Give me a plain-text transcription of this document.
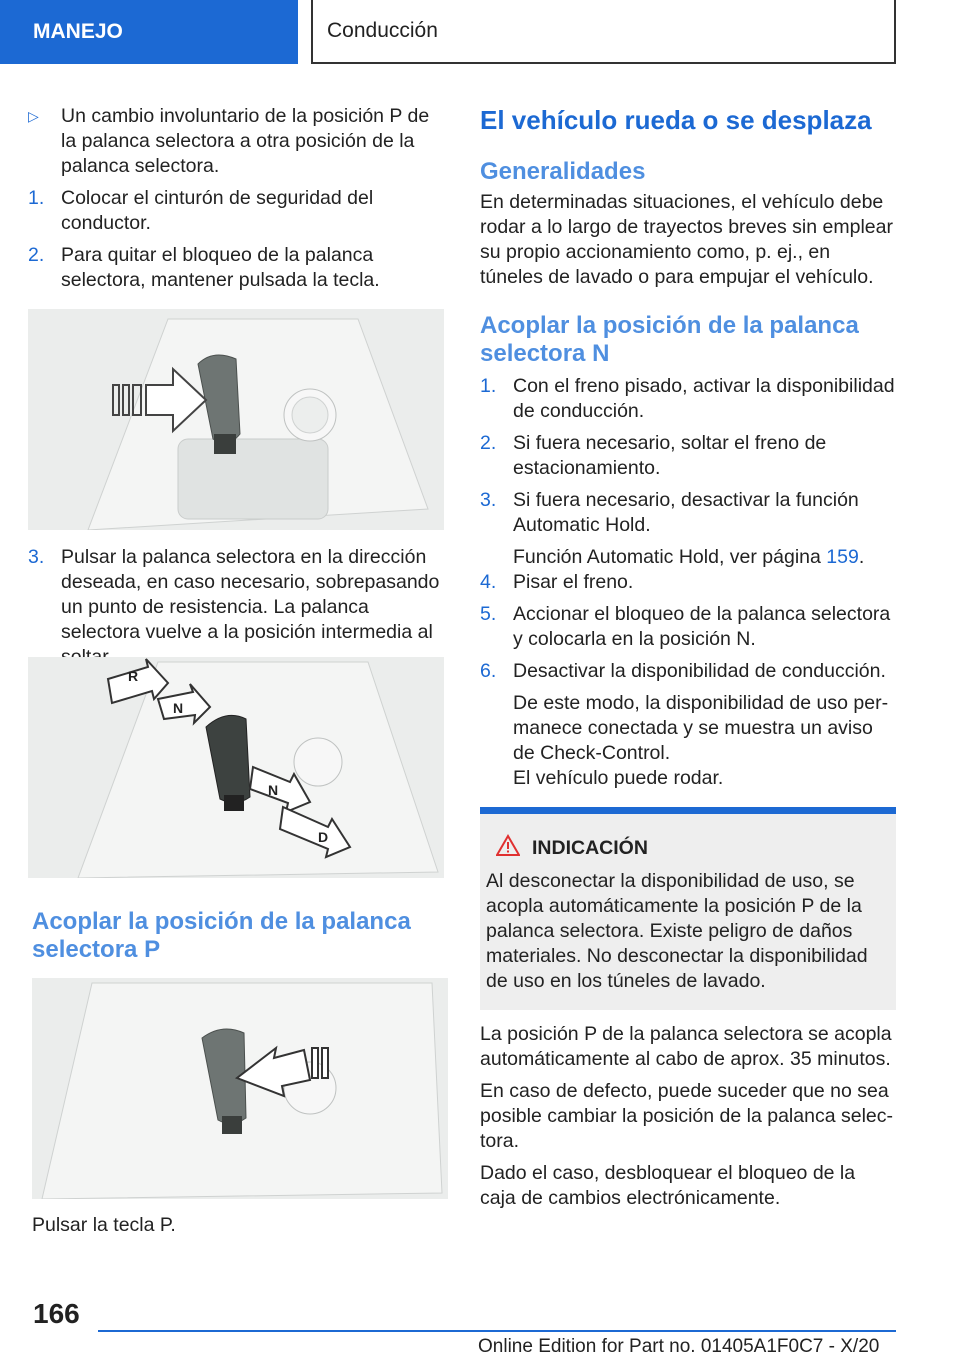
MANEJO	Conducción
▷ Un cambio involuntario de la posición P de la palanca selectora a otra posición de la palanca selectora.

1. Colocar el cinturón de seguridad del conductor.

2. Para quitar el bloqueo de la palanca selectora, mantener pulsada la tecla.

3. Pulsar la palanca selectora en la dirección deseada, en caso necesario, sobrepasando un punto de resistencia. La palanca selectora vuelve a la posición intermedia al

R
N
N
D
Acoplar la posición de la palanca selectora P

Pulsar la tecla P.

El vehículo rueda o se desplaza
Generalidades

En determinadas situaciones, el vehículo debe rodar a lo largo de trayectos breves sin emplear su propio accionamiento como, p. ej., en túneles de lavado o para empujar el vehículo.

Acoplar la posición de la palanca selectora N
1. Con el freno pisado, activar la disponibilidad de conducción.

2. Si fuera necesario, soltar el freno de estacionamiento.

3. Si fuera necesario, desactivar la función Automatic Hold.

Función Automatic Hold, ver página 159.

4. Pisar el freno.

5. Accionar el bloqueo de la palanca selectora y colocarla en la posición N.

6. Desactivar la disponibilidad de conducción.

De este modo, la disponibilidad de uso permanece conectada y se muestra un aviso de Check-Control.

El vehículo puede rodar.

INDICACIÓN

Al desconectar la disponibilidad de uso, se acopla automáticamente la posición P de la palanca selectora. Existe peligro de daños materiales. No desconectar la disponibilidad de uso en los túneles de lavado.

La posición P de la palanca selectora se acopla automáticamente al cabo de aprox. 35 minutos.

En caso de defecto, puede suceder que no sea posible cambiar la posición de la palanca selectora.

Dado el caso, desbloquear el bloqueo de la caja de cambios electrónicamente.

166
Online Edition for Part no. 01405A1F0C7 - X/20
